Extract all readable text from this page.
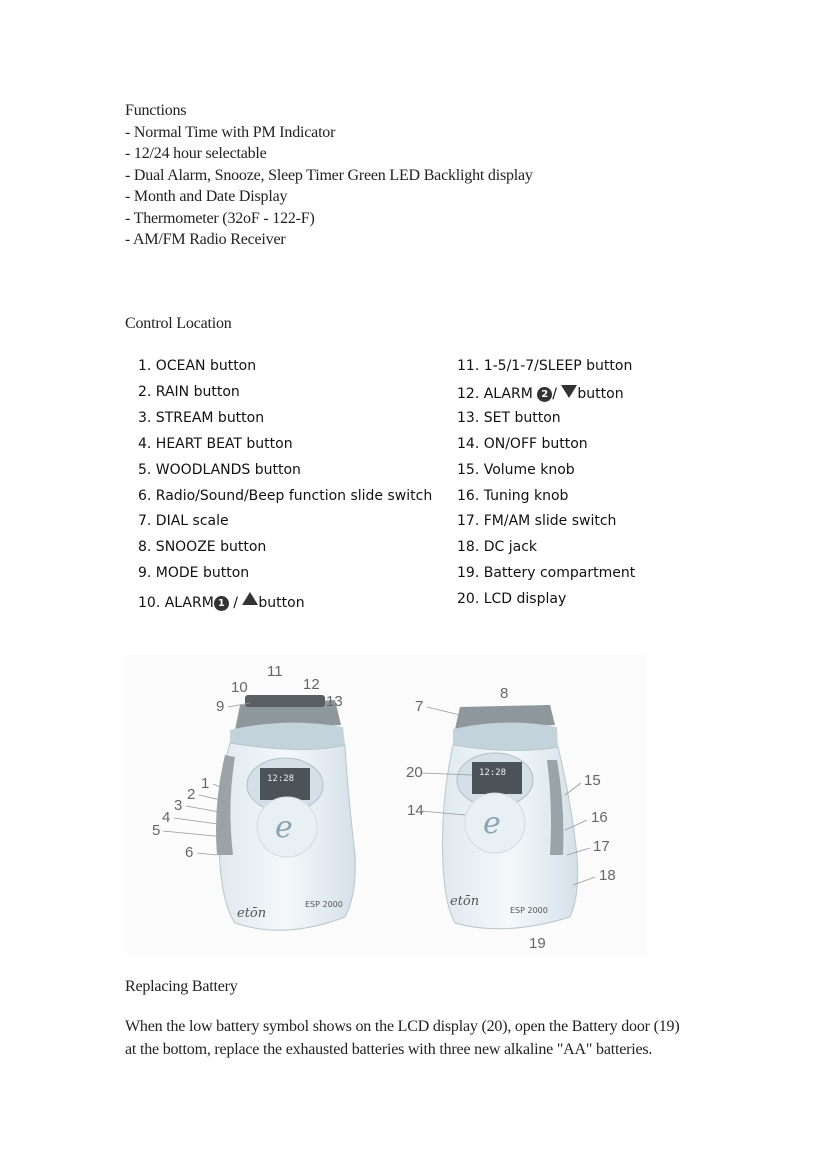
Functions
- Normal Time with PM Indicator
- 12/24 hour selectable
- Dual Alarm, Snooze, Sleep Timer Green LED Backlight display
- Month and Date Display
- Thermometer (32oF - 122-F)
- AM/FM Radio Receiver
Control Location
1. OCEAN button
2. RAIN button
3. STREAM button
4. HEART BEAT button
5. WOODLANDS button
6. Radio/Sound/Beep function slide switch
7. DIAL scale
8. SNOOZE button
9. MODE button
10. ALARM 1 / button
11. 1-5/1-7/SLEEP button
12. ALARM 2 / button
13. SET button
14. ON/OFF button
15. Volume knob
16. Tuning knob
17. FM/AM slide switch
18. DC jack
19. Battery compartment
20. LCD display
12:28
e
etōn
ESP 2000
12:28
e
etōn
ESP 2000
1
2
3
4
5
6
7
8
9
10
11
12
13
14
15
16
17
18
19
20
Replacing Battery
When the low battery symbol shows on the LCD display (20), open the Battery door (19)
at the bottom, replace the exhausted batteries with three new alkaline "AA" batteries.
